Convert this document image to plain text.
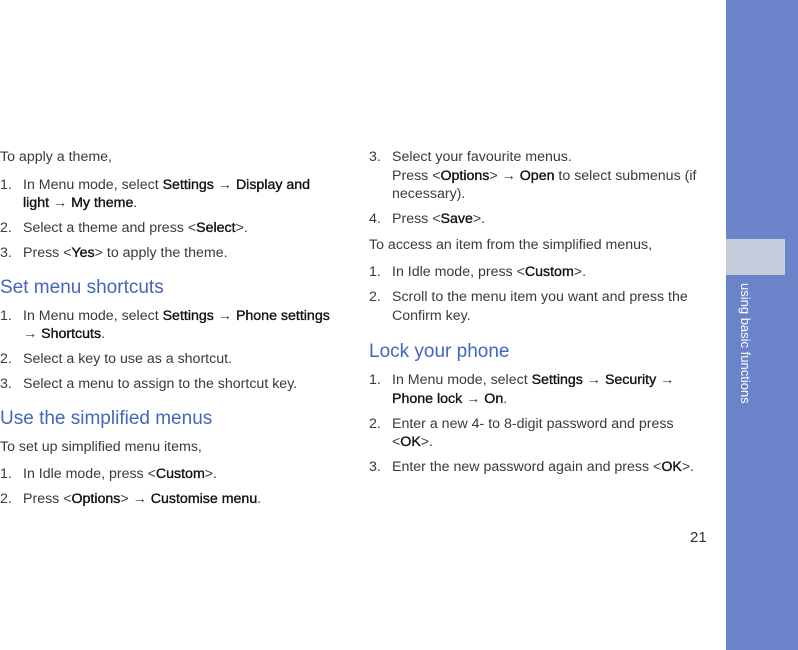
To apply a theme,

1. In Menu mode, select Settings → Display and light → My theme.
2. Select a theme and press <Select>.
3. Press <Yes> to apply the theme.
Set menu shortcuts
1. In Menu mode, select Settings → Phone settings → Shortcuts.
2. Select a key to use as a shortcut.
3. Select a menu to assign to the shortcut key.
Use the simplified menus

To set up simplified menu items,

1. In Idle mode, press <Custom>.
2. Press <Options> → Customise menu.
3. Select your favourite menus.
Press <Options> → Open to select submenus (if necessary).
4. Press <Save>.

To access an item from the simplified menus,

1. In Idle mode, press <Custom>.
2. Scroll to the menu item you want and press the Confirm key.
Lock your phone
1. In Menu mode, select Settings → Security → Phone lock → On.
2. Enter a new 4- to 8-digit password and press <OK>.
3. Enter the new password again and press <OK>.
using basic functions
21
